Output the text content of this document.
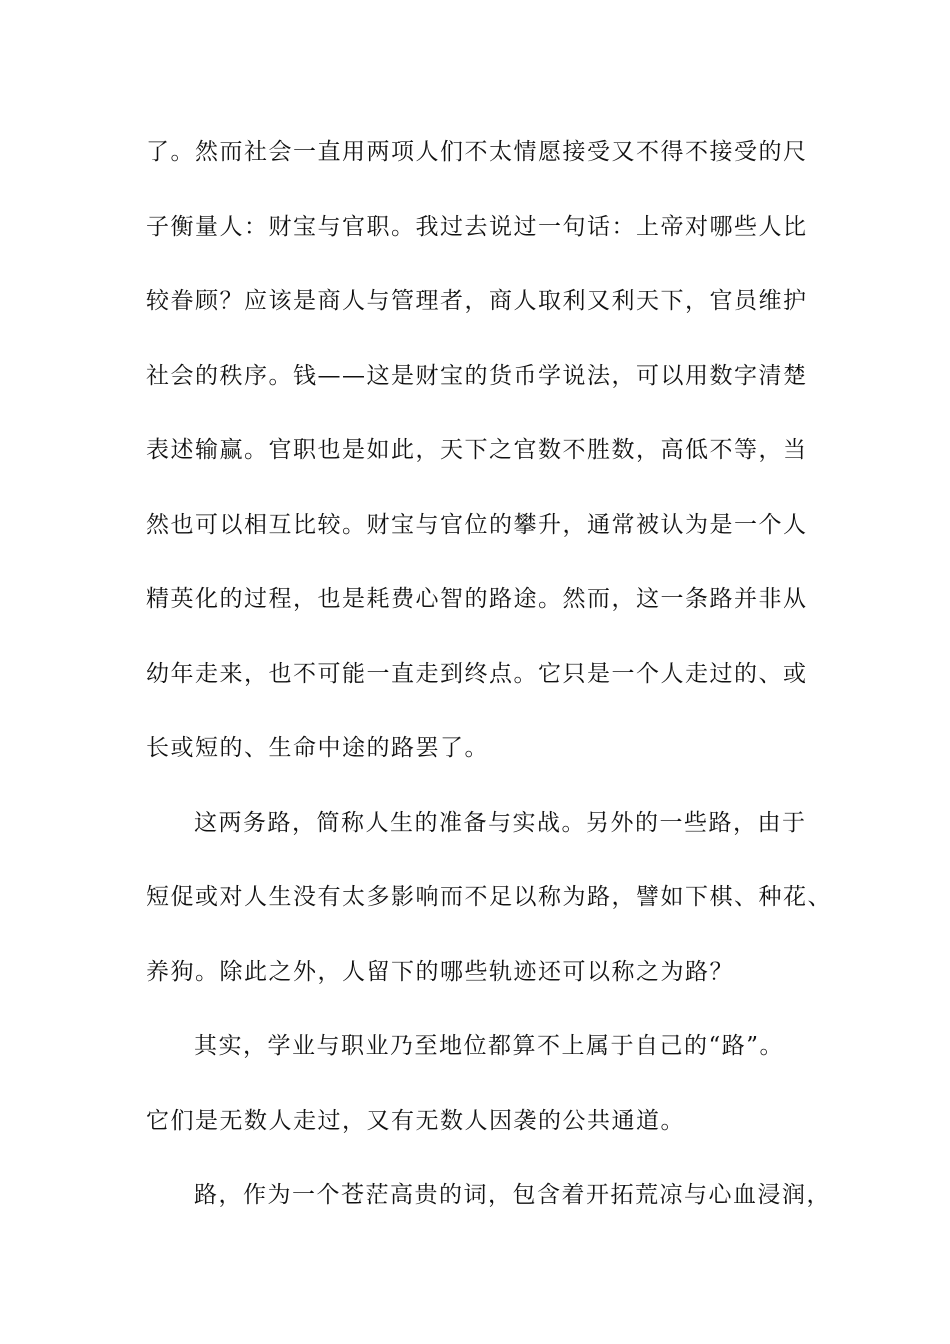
了。然而社会一直用两项人们不太情愿接受又不得不接受的尺
子衡量人：财宝与官职。我过去说过一句话：上帝对哪些人比
较眷顾？应该是商人与管理者，商人取利又利天下，官员维护
社会的秩序。钱——这是财宝的货币学说法，可以用数字清楚
表述输赢。官职也是如此，天下之官数不胜数，高低不等，当
然也可以相互比较。财宝与官位的攀升，通常被认为是一个人
精英化的过程，也是耗费心智的路途。然而，这一条路并非从
幼年走来，也不可能一直走到终点。它只是一个人走过的、或
长或短的、生命中途的路罢了。
这两务路，简称人生的准备与实战。另外的一些路，由于
短促或对人生没有太多影响而不足以称为路，譬如下棋、种花、
养狗。除此之外，人留下的哪些轨迹还可以称之为路？
其实，学业与职业乃至地位都算不上属于自己的“路”。
它们是无数人走过，又有无数人因袭的公共通道。
路，作为一个苍茫高贵的词，包含着开拓荒凉与心血浸润，
